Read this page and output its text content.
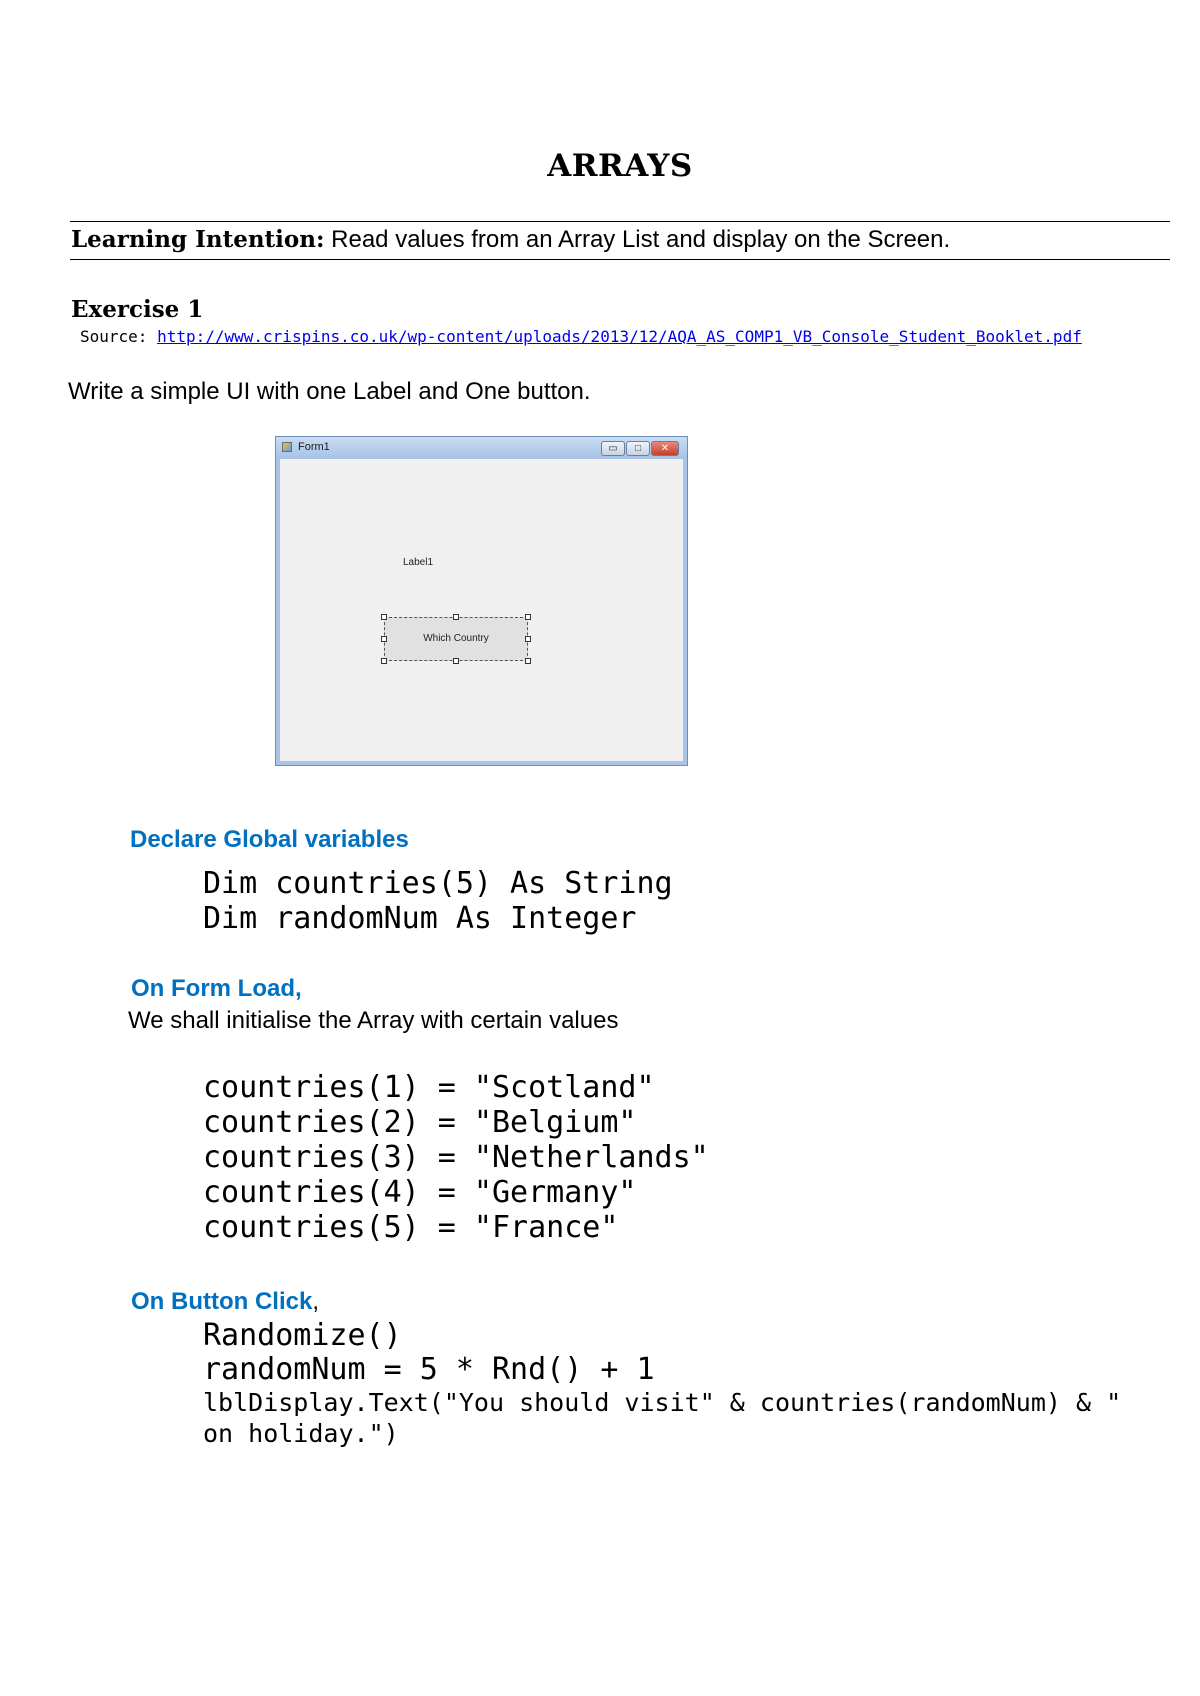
ARRAYS
Learning Intention: Read values from an Array List and display on the Screen.
Exercise 1
Source: http://www.crispins.co.uk/wp-content/uploads/2013/12/AQA_AS_COMP1_VB_Console_Student_Booklet.pdf
Write a simple UI with one Label and One button.
Form1	▭	□	✕
Label1
Which Country
Declare Global variables
Dim countries(5) As String
Dim randomNum As Integer
On Form Load,
We shall initialise the Array with certain values
countries(1) = "Scotland"
countries(2) = "Belgium"
countries(3) = "Netherlands"
countries(4) = "Germany"
countries(5) = "France"
On Button Click,
Randomize()
randomNum = 5 * Rnd() + 1
lblDisplay.Text("You should visit" & countries(randomNum) & "
on holiday.")
